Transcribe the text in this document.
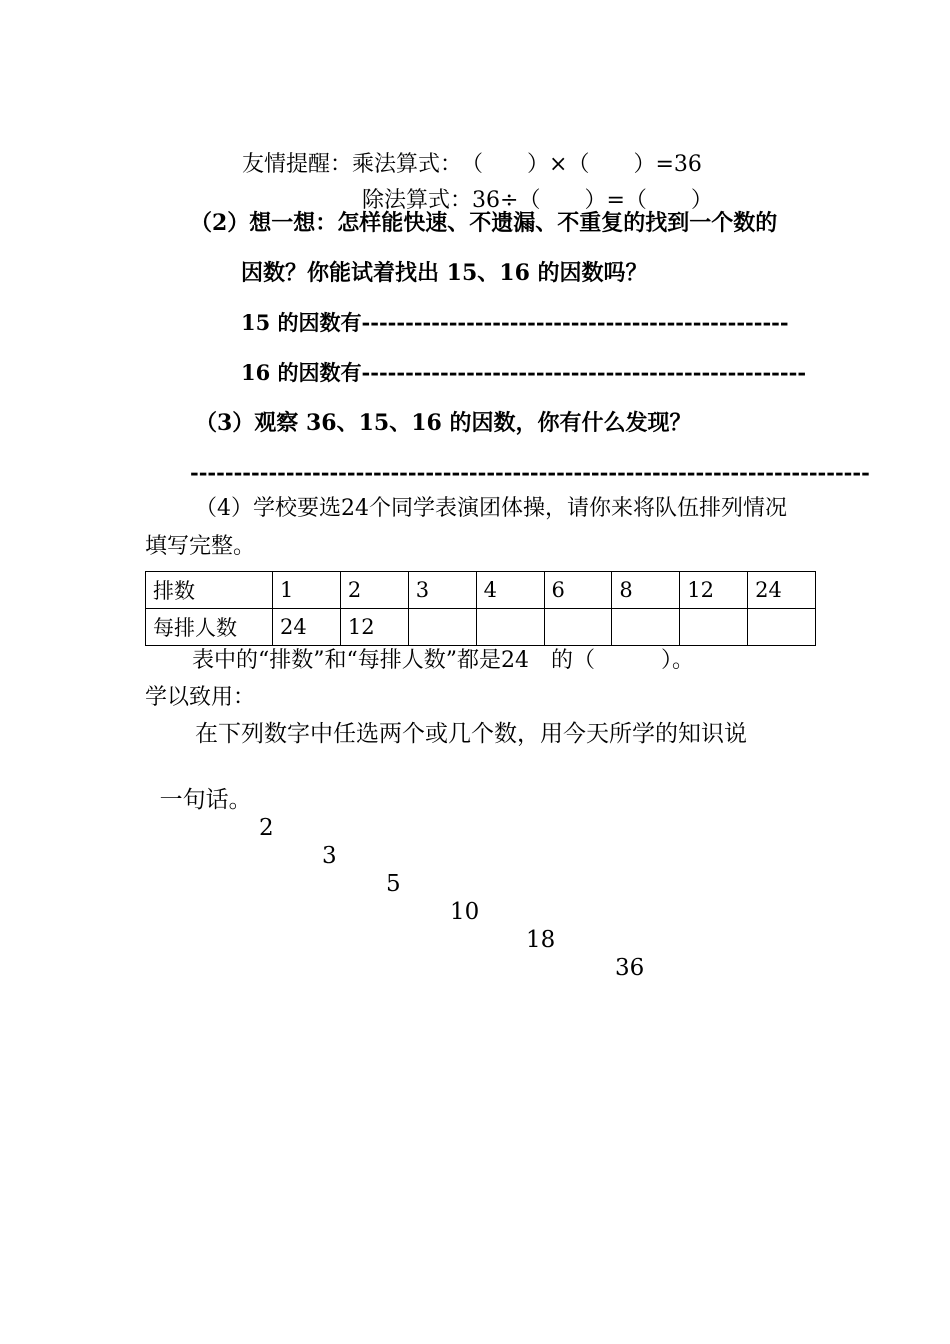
友情提醒：乘法算式： （　　）×（　　）=36

除法算式：36÷（　　）=（　　）

（2）想一想：怎样能快速、不遗漏、不重复的找到一个数的
因数？你能试着找出 15、16 的因数吗？
15 的因数有-------------------------------------------------
16 的因数有---------------------------------------------------
（3）观察 36、15、16 的因数，你有什么发现？
------------------------------------------------------------------------------
（4）学校要选24个同学表演团体操，请你来将队伍排列情况
填写完整。
排数	1	2	3	4	6	8	12	24
每排人数	24	12						
表中的“排数”和“每排人数”都是24　的（　　　）。
学以致用：
在下列数字中任选两个或几个数，用今天所学的知识说

一句话。

2

3

5

10

18

36
